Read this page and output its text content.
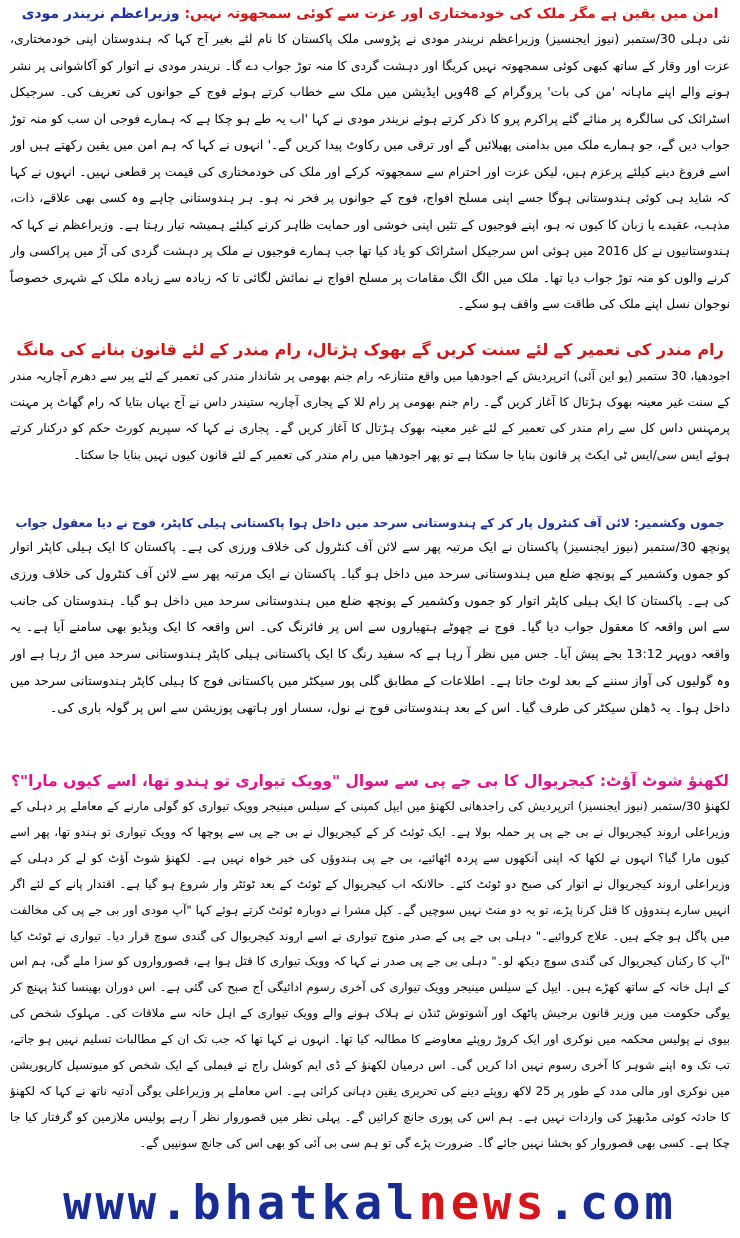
امن میں یقین ہے مگر ملک کی خودمختاری اور عزت سے کوئی سمجھوتہ نہیں: وزیراعظم نریندر مودی
نئی دہلی 30/ستمبر (نیوز ایجنسیز) وزیراعظم نریندر مودی نے پڑوسی ملک پاکستان کا نام لئے بغیر آج کہا کہ ہندوستان اپنی خودمختاری، عزت اور وقار کے ساتھ کبھی کوئی سمجھوتہ نہیں کریگا اور دہشت گردی کا منہ توڑ جواب دے گا۔ نریندر مودی نے اتوار کو آکاشوانی پر نشر ہونے والے اپنے ماہانہ 'من کی بات' پروگرام کے 48ویں ایڈیشن میں ملک سے خطاب کرتے ہوئے فوج کے جوانوں کی تعریف کی۔ سرجیکل اسٹرائک کی سالگرہ پر منائے گئے پراکرم پرو کا ذکر کرتے ہوئے نریندر مودی نے کہا 'اب یہ طے ہو چکا ہے کہ ہمارے فوجی ان سب کو منہ توڑ جواب دیں گے، جو ہمارے ملک میں بدامنی پھیلائیں گے اور ترقی میں رکاوٹ پیدا کریں گے۔' انہوں نے کہا کہ ہم امن میں یقین رکھتے ہیں اور اسے فروغ دینے کیلئے پرعزم ہیں، لیکن عزت اور احترام سے سمجھوتہ کرکے اور ملک کی خودمختاری کی قیمت پر قطعی نہیں۔ انہوں نے کہا کہ شاید ہی کوئی ہندوستانی ہوگا جسے اپنی مسلح افواج، فوج کے جوانوں پر فخر نہ ہو۔ ہر ہندوستانی چاہے وہ کسی بھی علاقے، ذات، مذہب، عقیدے یا زبان کا کیوں نہ ہو، اپنے فوجیوں کے تئیں اپنی خوشی اور حمایت ظاہر کرنے کیلئے ہمیشہ تیار رہتا ہے۔ وزیراعظم نے کہا کہ ہندوستانیوں نے کل 2016 میں ہوئی اس سرجیکل اسٹرائک کو یاد کیا تھا جب ہمارے فوجیوں نے ملک پر دہشت گردی کی آڑ میں پراکسی وار کرنے والوں کو منہ توڑ جواب دیا تھا۔ ملک میں الگ الگ مقامات پر مسلح افواج نے نمائش لگائی تا کہ زیادہ سے زیادہ ملک کے شہری خصوصاً نوجوان نسل اپنے ملک کی طاقت سے واقف ہو سکے۔
رام مندر کی تعمیر کے لئے سنت کریں گے بھوک ہڑتال، رام مندر کے لئے قانون بنانے کی مانگ
اجودھیا، 30 ستمبر (یو این آئی) اترپردیش کے اجودھیا میں واقع متنازعہ رام جنم بھومی پر شاندار مندر کی تعمیر کے لئے پیر سے دھرم آچاریہ مندر کے سنت غیر معینہ بھوک ہڑتال کا آغاز کریں گے۔ رام جنم بھومی پر رام للا کے پجاری آچاریہ ستیندر داس نے آج یہاں بتایا کہ رام گھاٹ پر مہنت پرمہنس داس کل سے رام مندر کی تعمیر کے لئے غیر معینہ بھوک ہڑتال کا آغاز کریں گے۔ پجاری نے کہا کہ سپریم کورٹ حکم کو درکنار کرتے ہوئے ایس سی/ایس ٹی ایکٹ پر قانون بنایا جا سکتا ہے تو پھر اجودھیا میں رام مندر کی تعمیر کے لئے قانون کیوں نہیں بنایا جا سکتا۔
جموں وکشمیر: لائن آف کنٹرول پار کر کے ہندوستانی سرحد میں داخل ہوا پاکستانی ہیلی کاپٹر، فوج نے دیا معقول جواب
پونچھ 30/ستمبر (نیوز ایجنسیز) پاکستان نے ایک مرتبہ پھر سے لائن آف کنٹرول کی خلاف ورزی کی ہے۔ پاکستان کا ایک ہیلی کاپٹر اتوار کو جموں وکشمیر کے پونچھ ضلع میں ہندوستانی سرحد میں داخل ہو گیا۔ پاکستان نے ایک مرتبہ پھر سے لائن آف کنٹرول کی خلاف ورزی کی ہے۔ پاکستان کا ایک ہیلی کاپٹر اتوار کو جموں وکشمیر کے پونچھ ضلع میں ہندوستانی سرحد میں داخل ہو گیا۔ ہندوستان کی جانب سے اس واقعہ کا معقول جواب دیا گیا۔ فوج نے چھوٹے ہتھیاروں سے اس پر فائرنگ کی۔ اس واقعہ کا ایک ویڈیو بھی سامنے آیا ہے۔ یہ واقعہ دوپہر 13:12 بجے پیش آیا۔ جس میں نظر آ رہا ہے کہ سفید رنگ کا ایک پاکستانی ہیلی کاپٹر ہندوستانی سرحد میں اڑ رہا ہے اور وہ گولیوں کی آواز سننے کے بعد لوٹ جاتا ہے۔ اطلاعات کے مطابق گلی پور سیکٹر میں پاکستانی فوج کا ہیلی کاپٹر ہندوستانی سرحد میں داخل ہوا۔ یہ ڈھلن سیکٹر کی طرف گیا۔ اس کے بعد ہندوستانی فوج نے نول، سسار اور ہاتھی پوزیشن سے اس پر گولہ باری کی۔
لکھنؤ شوٹ آؤٹ: کیجریوال کا بی جے پی سے سوال "وویک تیواری تو ہندو تھا، اسے کیوں مارا"؟
لکھنؤ 30/ستمبر (نیوز ایجنسیز) اترپردیش کی راجدھانی لکھنؤ میں ایپل کمپنی کے سیلس مینیجر وویک تیواری کو گولی مارنے کے معاملے پر دہلی کے وزیراعلی اروند کیجریوال نے بی جے پی پر حملہ بولا ہے۔ ایک ٹوئٹ کر کے کیجریوال نے بی جے پی سے پوچھا کہ وویک تیواری تو ہندو تھا، پھر اسے کیوں مارا گیا؟ انہوں نے لکھا کہ اپنی آنکھوں سے پردہ اٹھائیے، بی جے پی ہندوؤں کی خیر خواہ نہیں ہے۔ لکھنؤ شوٹ آؤٹ کو لے کر دہلی کے وزیراعلی اروند کیجریوال نے اتوار کی صبح دو ٹوئٹ کئے۔ حالانکہ اب کیجریوال کے ٹوئٹ کے بعد ٹوئٹر وار شروع ہو گیا ہے۔ اقتدار پانے کے لئے اگر انہیں سارے ہندوؤں کا قتل کرنا پڑے، تو یہ دو منٹ نہیں سوچیں گے۔ کپل مشرا نے دوبارہ ٹوئٹ کرتے ہوئے کہا "آپ مودی اور بی جے پی کی مخالفت میں پاگل ہو چکے ہیں۔ علاج کروائیے۔" دہلی بی جے پی کے صدر منوج تیواری نے اسے اروند کیجریوال کی گندی سوچ قرار دیا۔ تیواری نے ٹوئٹ کیا "آپ کا رکنان کیجریوال کی گندی سوچ دیکھ لو۔" دہلی بی جے پی صدر نے کہا کہ وویک تیواری کا قتل ہوا ہے، قصورواروں کو سزا ملے گی، ہم اس کے اہل خانہ کے ساتھ کھڑے ہیں۔ ایپل کے سیلس مینیجر وویک تیواری کی آخری رسوم ادائیگی آج صبح کی گئی ہے۔ اس دوران بھینسا کنڈ پہنچ کر یوگی حکومت میں وزیر قانون برجیش پاٹھک اور آشوتوش ٹنڈن نے ہلاک ہونے والے وویک تیواری کے اہل خانہ سے ملاقات کی۔ مہلوک شخص کی بیوی نے پولیس محکمہ میں نوکری اور ایک کروڑ روپئے معاوضے کا مطالبہ کیا تھا۔ انہوں نے کہا تھا کہ جب تک ان کے مطالبات تسلیم نہیں ہو جاتے، تب تک وہ اپنے شوہر کا آخری رسوم نہیں ادا کریں گی۔ اس درمیان لکھنؤ کے ڈی ایم کوشل راج نے فیملی کے ایک شخص کو میونسپل کارپوریشن میں نوکری اور مالی مدد کے طور پر 25 لاکھ روپئے دینے کی تحریری یقین دہانی کرائی ہے۔ اس معاملے پر وزیراعلی یوگی آدتیہ ناتھ نے کہا کہ لکھنؤ کا حادثہ کوئی مڈبھیڑ کی واردات نہیں ہے۔ ہم اس کی پوری جانچ کرائیں گے۔ پہلی نظر میں قصوروار نظر آ رہے پولیس ملازمین کو گرفتار کیا جا چکا ہے۔ کسی بھی قصوروار کو بخشا نہیں جائے گا۔ ضرورت پڑے گی تو ہم سی بی آئی کو بھی اس کی جانچ سونپیں گے۔
www.bhatkalnews.com
